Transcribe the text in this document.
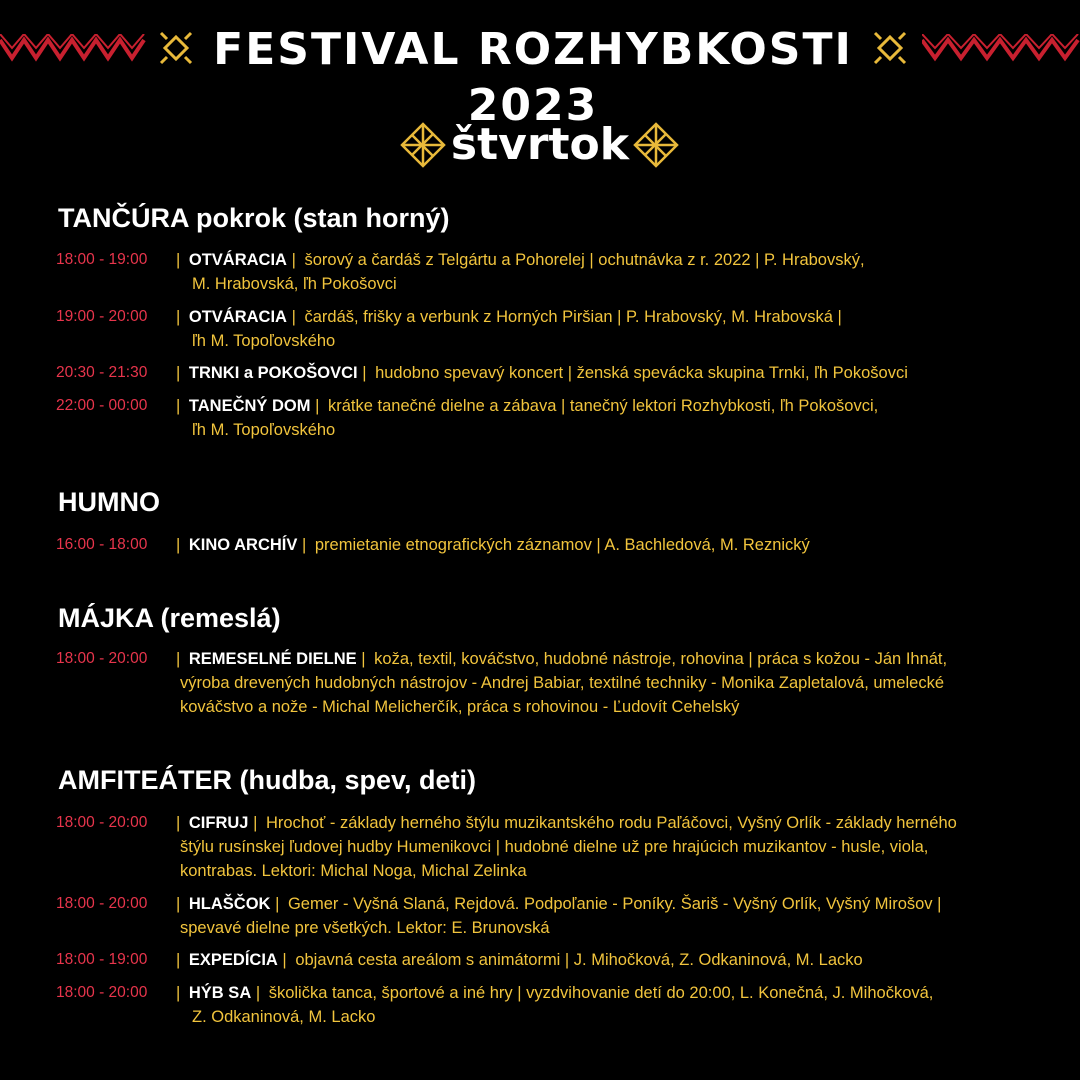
FESTIVAL ROZHYBKOSTI 2023
štvrtok
TANČÚRA pokrok (stan horný)
18:00 - 19:00 | OTVÁRACIA | šorový a čardáš z Telgártu a Pohorelej | ochutnávka z r. 2022 | P. Hrabovský,
M. Hrabovská, ľh Pokošovci
19:00 - 20:00 | OTVÁRACIA | čardáš, frišky a verbunk z Horných Piršian | P. Hrabovský, M. Hrabovská |
ľh M. Topoľovského
20:30 - 21:30 | TRNKI a POKOŠOVCI | hudobno spevavý koncert | ženská spevácka skupina Trnki, ľh Pokošovci
22:00 - 00:00 | TANEČNÝ DOM | krátke tanečné dielne a zábava | tanečný lektori Rozhybkosti, ľh Pokošovci,
ľh M. Topoľovského
HUMNO
16:00 - 18:00 | KINO ARCHÍV | premietanie etnografických záznamov | A. Bachledová, M. Reznický
MÁJKA (remeslá)
18:00 - 20:00 | REMESELNÉ DIELNE | koža, textil, kováčstvo, hudobné nástroje, rohovina | práca s kožou - Ján Ihnát,
výroba drevených hudobných nástrojov - Andrej Babiar, textilné techniky - Monika Zapletalová, umelecké
kováčstvo a nože - Michal Melicherčík, práca s rohovinou - Ľudovít Cehelský
AMFITEÁTER (hudba, spev, deti)
18:00 - 20:00 | CIFRUJ | Hrochoť - základy herného štýlu muzikantského rodu Paľáčovci, Vyšný Orlík - základy herného
štýlu rusínskej ľudovej hudby Humenikovci | hudobné dielne už pre hrajúcich muzikantov - husle, viola,
kontrabas. Lektori: Michal Noga, Michal Zelinka
18:00 - 20:00 | HLAŠČOK | Gemer - Vyšná Slaná, Rejdová. Podpoľanie - Poníky. Šariš - Vyšný Orlík, Vyšný Mirošov |
spevavé dielne pre všetkých. Lektor: E. Brunovská
18:00 - 19:00 | EXPEDÍCIA | objavná cesta areálom s animátormi | J. Mihočková, Z. Odkaninová, M. Lacko
18:00 - 20:00 | HÝB SA | školička tanca, športové a iné hry | vyzdvihovanie detí do 20:00, L. Konečná, J. Mihočková,
Z. Odkaninová, M. Lacko
